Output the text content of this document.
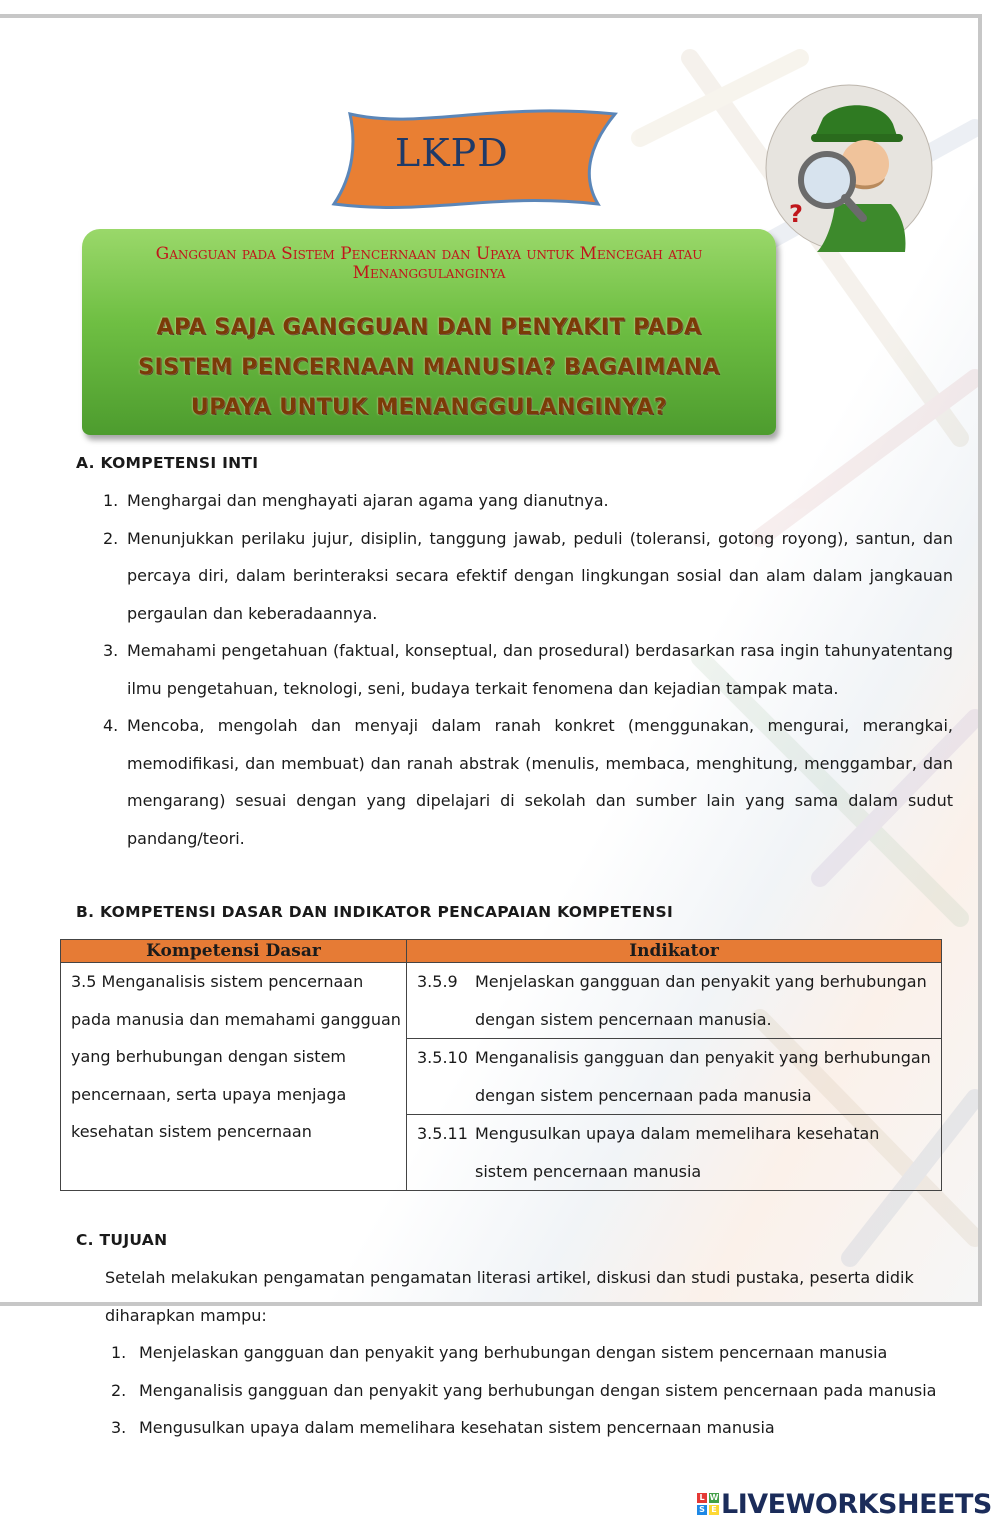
LKPD
?
Gangguan pada Sistem Pencernaan dan Upaya untuk Mencegah atau Menanggulanginya
APA SAJA GANGGUAN DAN PENYAKIT PADA
SISTEM PENCERNAAN MANUSIA? BAGAIMANA
UPAYA UNTUK MENANGGULANGINYA?
A. KOMPETENSI INTI
1. Menghargai dan menghayati ajaran agama yang dianutnya.
2. Menunjukkan perilaku jujur, disiplin, tanggung jawab, peduli (toleransi, gotong royong), santun, dan percaya diri, dalam berinteraksi secara efektif dengan lingkungan sosial dan alam dalam jangkauan pergaulan dan keberadaannya.
3. Memahami pengetahuan (faktual, konseptual, dan prosedural) berdasarkan rasa ingin tahunyatentang ilmu pengetahuan, teknologi, seni, budaya terkait fenomena dan kejadian tampak mata.
4. Mencoba, mengolah dan menyaji dalam ranah konkret (menggunakan, mengurai, merangkai, memodifikasi, dan membuat) dan ranah abstrak (menulis, membaca, menghitung, menggambar, dan mengarang) sesuai dengan yang dipelajari di sekolah dan sumber lain yang sama dalam sudut pandang/teori.
B. KOMPETENSI DASAR DAN INDIKATOR PENCAPAIAN KOMPETENSI
Kompetensi Dasar	Indikator

3.5 Menganalisis sistem pencernaan pada manusia dan memahami gangguan yang berhubungan dengan sistem pencernaan, serta upaya menjaga kesehatan sistem pencernaan	3.5.9 Menjelaskan gangguan dan penyakit yang berhubungan dengan sistem pencernaan manusia.

	3.5.10 Menganalisis gangguan dan penyakit yang berhubungan dengan sistem pencernaan pada manusia

	3.5.11 Mengusulkan upaya dalam memelihara kesehatan sistem pencernaan manusia
C. TUJUAN
Setelah melakukan pengamatan pengamatan literasi artikel, diskusi dan studi pustaka, peserta didik diharapkan mampu:
1. Menjelaskan gangguan dan penyakit yang berhubungan dengan sistem pencernaan manusia
2. Menganalisis gangguan dan penyakit yang berhubungan dengan sistem pencernaan pada manusia
3. Mengusulkan upaya dalam memelihara kesehatan sistem pencernaan manusia
L W
S E LIVEWORKSHEETS
